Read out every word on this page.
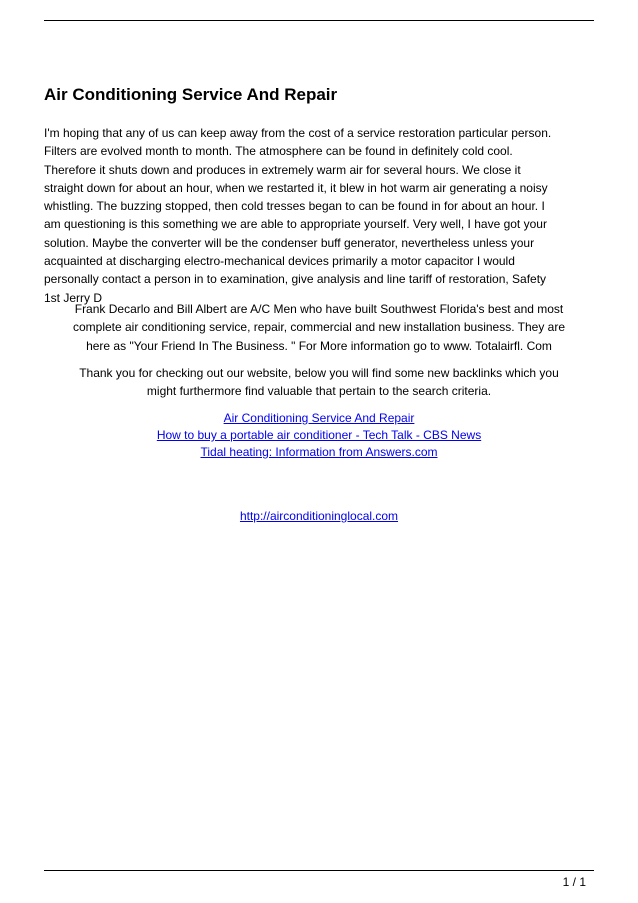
Air Conditioning Service And Repair
I'm hoping that any of us can keep away from the cost of a service restoration particular person.
Filters are evolved month to month. The atmosphere can be found in definitely cold cool.
Therefore it shuts down and produces in extremely warm air for several hours. We close it
straight down for about an hour, when we restarted it, it blew in hot warm air generating a noisy
whistling. The buzzing stopped, then cold tresses began to can be found in for about an hour. I
am questioning is this something we are able to appropriate yourself. Very well, I have got your
solution. Maybe the converter will be the condenser buff generator, nevertheless unless your
acquainted at discharging electro-mechanical devices primarily a motor capacitor I would
personally contact a person in to examination, give analysis and line tariff of restoration, Safety
1st Jerry D
Frank Decarlo and Bill Albert are A/C Men who have built Southwest Florida's best and most
complete air conditioning service, repair, commercial and new installation business. They are
here as "Your Friend In The Business. " For More information go to www. Totalairfl. Com
Thank you for checking out our website, below you will find some new backlinks which you
might furthermore find valuable that pertain to the search criteria.
Air Conditioning Service And Repair
How to buy a portable air conditioner - Tech Talk - CBS News
Tidal heating: Information from Answers.com
http://airconditioninglocal.com
1 / 1
